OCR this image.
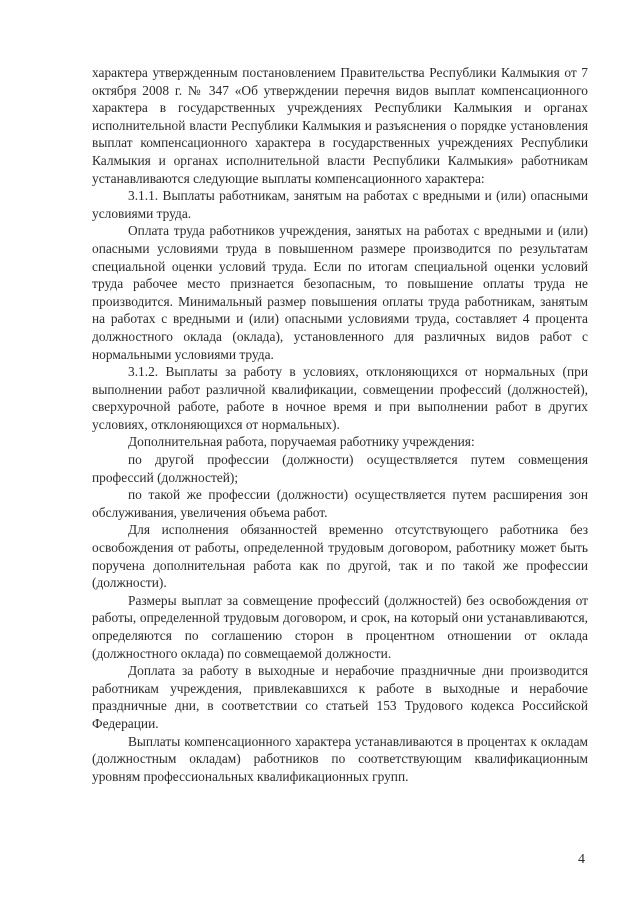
характера утвержденным постановлением Правительства Республики Калмыкия от 7 октября 2008 г. № 347 «Об утверждении перечня видов выплат компенсационного характера в государственных учреждениях Республики Калмыкия и органах исполнительной власти Республики Калмыкия и разъяснения о порядке установления выплат компенсационного характера в государственных учреждениях Республики Калмыкия и органах исполнительной власти Республики Калмыкия» работникам устанавливаются следующие выплаты компенсационного характера:

3.1.1. Выплаты работникам, занятым на работах с вредными и (или) опасными условиями труда.

Оплата труда работников учреждения, занятых на работах с вредными и (или) опасными условиями труда в повышенном размере производится по результатам специальной оценки условий труда. Если по итогам специальной оценки условий труда рабочее место признается безопасным, то повышение оплаты труда не производится. Минимальный размер повышения оплаты труда работникам, занятым на работах с вредными и (или) опасными условиями труда, составляет 4 процента должностного оклада (оклада), установленного для различных видов работ с нормальными условиями труда.

3.1.2. Выплаты за работу в условиях, отклоняющихся от нормальных (при выполнении работ различной квалификации, совмещении профессий (должностей), сверхурочной работе, работе в ночное время и при выполнении работ в других условиях, отклоняющихся от нормальных).

Дополнительная работа, поручаемая работнику учреждения:

по другой профессии (должности) осуществляется путем совмещения профессий (должностей);

по такой же профессии (должности) осуществляется путем расширения зон обслуживания, увеличения объема работ.

Для исполнения обязанностей временно отсутствующего работника без освобождения от работы, определенной трудовым договором, работнику может быть поручена дополнительная работа как по другой, так и по такой же профессии (должности).

Размеры выплат за совмещение профессий (должностей) без освобождения от работы, определенной трудовым договором, и срок, на который они устанавливаются, определяются по соглашению сторон в процентном отношении от оклада (должностного оклада) по совмещаемой должности.

Доплата за работу в выходные и нерабочие праздничные дни производится работникам учреждения, привлекавшихся к работе в выходные и нерабочие праздничные дни, в соответствии со статьей 153 Трудового кодекса Российской Федерации.

Выплаты компенсационного характера устанавливаются в процентах к окладам (должностным окладам) работников по соответствующим квалификационным уровням профессиональных квалификационных групп.

4
